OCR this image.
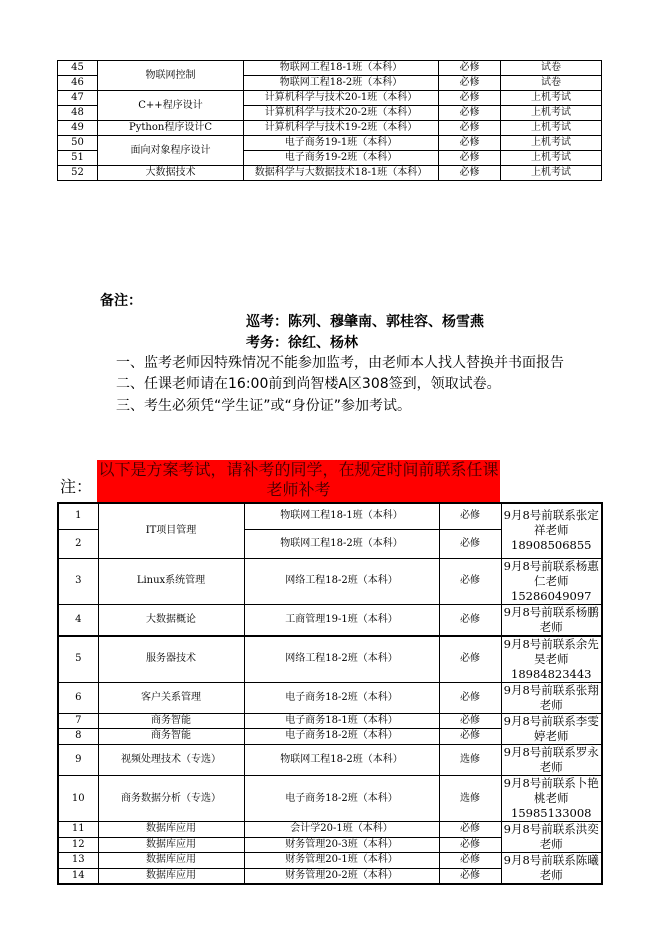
45	物联网控制	物联网工程18-1班（本科）	必修	试卷
46		物联网工程18-2班（本科）	必修	试卷
47	C++程序设计	计算机科学与技术20-1班（本科）	必修	上机考试
48		计算机科学与技术20-2班（本科）	必修	上机考试
49	Python程序设计C	计算机科学与技术19-2班（本科）	必修	上机考试
50	面向对象程序设计	电子商务19-1班（本科）	必修	上机考试
51		电子商务19-2班（本科）	必修	上机考试
52	大数据技术	数据科学与大数据技术18-1班（本科）	必修	上机考试
备注：
巡考：陈列、穆肇南、郭桂容、杨雪燕
考务：徐红、杨林
一、监考老师因特殊情况不能参加监考，由老师本人找人替换并书面报告
二、任课老师请在16:00前到尚智楼A区308签到，领取试卷。
三、考生必须凭“学生证”或“身份证”参加考试。
注：
以下是方案考试，请补考的同学，在规定时间前联系任课老师补考
1	IT项目管理	物联网工程18-1班（本科）	必修	9月8号前联系张定祥老师18908506855
2		物联网工程18-2班（本科）	必修	
3	Linux系统管理	网络工程18-2班（本科）	必修	9月8号前联系杨惠仁老师15286049097
4	大数据概论	工商管理19-1班（本科）	必修	9月8号前联系杨鹏老师
5	服务器技术	网络工程18-2班（本科）	必修	9月8号前联系余先昊老师18984823443
6	客户关系管理	电子商务18-2班（本科）	必修	9月8号前联系张翔老师
7	商务智能	电子商务18-1班（本科）	必修	9月8号前联系李雯婷老师
8	商务智能	电子商务18-2班（本科）	必修	
9	视频处理技术（专选）	物联网工程18-2班（本科）	选修	9月8号前联系罗永老师
10	商务数据分析（专选）	电子商务18-2班（本科）	选修	9月8号前联系卜艳桃老师15985133008
11	数据库应用	会计学20-1班（本科）	必修	9月8号前联系洪奕老师
12	数据库应用	财务管理20-3班（本科）	必修	
13	数据库应用	财务管理20-1班（本科）	必修	9月8号前联系陈曦老师
14	数据库应用	财务管理20-2班（本科）	必修	
